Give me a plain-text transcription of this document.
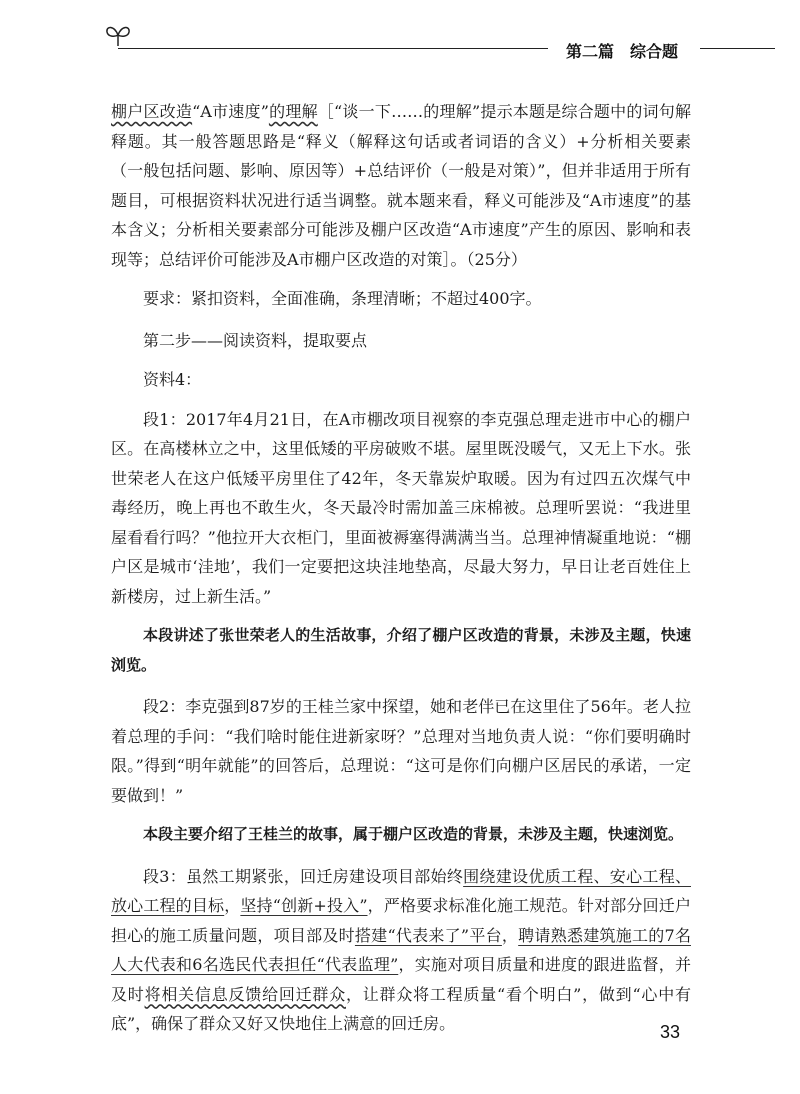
第二篇　综合题

棚户区改造“A市速度”的理解［“谈一下……的理解”提示本题是综合题中的词句解释题。其一般答题思路是“释义（解释这句话或者词语的含义）+分析相关要素（一般包括问题、影响、原因等）+总结评价（一般是对策）”，但并非适用于所有题目，可根据资料状况进行适当调整。就本题来看，释义可能涉及“A市速度”的基本含义；分析相关要素部分可能涉及棚户区改造“A市速度”产生的原因、影响和表现等；总结评价可能涉及A市棚户区改造的对策］。（25分）

要求：紧扣资料，全面准确，条理清晰；不超过400字。

第二步——阅读资料，提取要点

资料4：

段1：2017年4月21日，在A市棚改项目视察的李克强总理走进市中心的棚户区。在高楼林立之中，这里低矮的平房破败不堪。屋里既没暖气，又无上下水。张世荣老人在这户低矮平房里住了42年，冬天靠炭炉取暖。因为有过四五次煤气中毒经历，晚上再也不敢生火，冬天最冷时需加盖三床棉被。总理听罢说：“我进里屋看看行吗？”他拉开大衣柜门，里面被褥塞得满满当当。总理神情凝重地说：“棚户区是城市‘洼地’，我们一定要把这块洼地垫高，尽最大努力，早日让老百姓住上新楼房，过上新生活。”

本段讲述了张世荣老人的生活故事，介绍了棚户区改造的背景，未涉及主题，快速浏览。

段2：李克强到87岁的王桂兰家中探望，她和老伴已在这里住了56年。老人拉着总理的手问：“我们啥时能住进新家呀？”总理对当地负责人说：“你们要明确时限。”得到“明年就能”的回答后，总理说：“这可是你们向棚户区居民的承诺，一定要做到！”

本段主要介绍了王桂兰的故事，属于棚户区改造的背景，未涉及主题，快速浏览。

段3：虽然工期紧张，回迁房建设项目部始终围绕建设优质工程、安心工程、放心工程的目标，坚持“创新+投入”，严格要求标准化施工规范。针对部分回迁户担心的施工质量问题，项目部及时搭建“代表来了”平台，聘请熟悉建筑施工的7名人大代表和6名选民代表担任“代表监理”，实施对项目质量和进度的跟进监督，并及时将相关信息反馈给回迁群众，让群众将工程质量“看个明白”，做到“心中有底”，确保了群众又好又快地住上满意的回迁房。	33
